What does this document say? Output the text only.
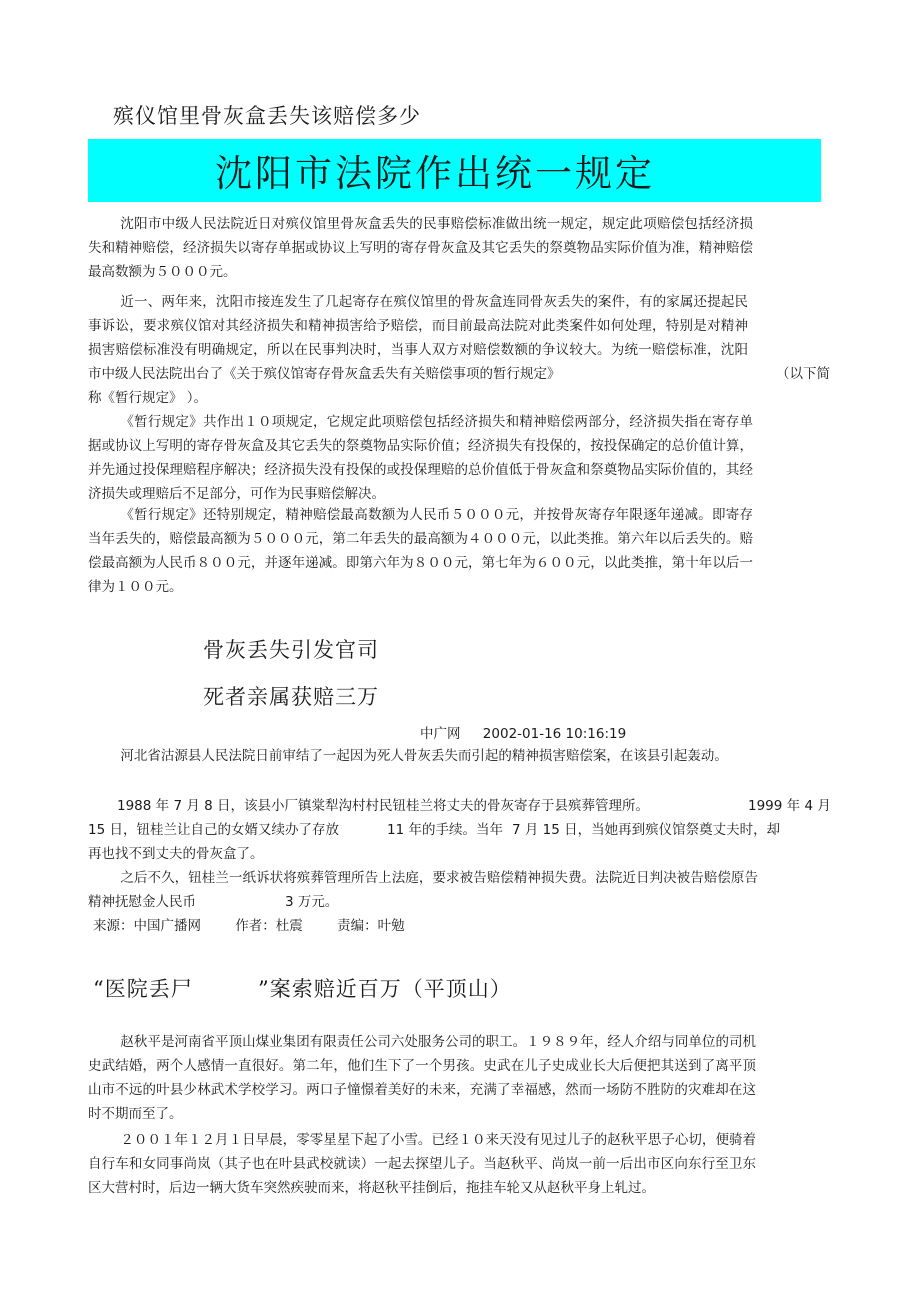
殡仪馆里骨灰盒丢失该赔偿多少
沈阳市法院作出统一规定
沈阳市中级人民法院近日对殡仪馆里骨灰盒丢失的民事赔偿标准做出统一规定，规定此项赔偿包括经济损失和精神赔偿，经济损失以寄存单据或协议上写明的寄存骨灰盒及其它丢失的祭奠物品实际价值为准，精神赔偿最高数额为５０００元。
近一、两年来，沈阳市接连发生了几起寄存在殡仪馆里的骨灰盒连同骨灰丢失的案件，有的家属还提起民事诉讼，要求殡仪馆对其经济损失和精神损害给予赔偿，而目前最高法院对此类案件如何处理，特别是对精神损害赔偿标准没有明确规定，所以在民事判决时，当事人双方对赔偿数额的争议较大。为统一赔偿标准，沈阳市中级人民法院出台了《关于殡仪馆寄存骨灰盒丢失有关赔偿事项的暂行规定》	（以下简
称《暂行规定》 ）。
《暂行规定》共作出１０项规定，它规定此项赔偿包括经济损失和精神赔偿两部分，经济损失指在寄存单据或协议上写明的寄存骨灰盒及其它丢失的祭奠物品实际价值；经济损失有投保的，按投保确定的总价值计算，并先通过投保理赔程序解决；经济损失没有投保的或投保理赔的总价值低于骨灰盒和祭奠物品实际价值的，其经济损失或理赔后不足部分，可作为民事赔偿解决。
《暂行规定》还特别规定，精神赔偿最高数额为人民币５０００元，并按骨灰寄存年限逐年递减。即寄存当年丢失的，赔偿最高额为５０００元，第二年丢失的最高额为４０００元，以此类推。第六年以后丢失的。赔偿最高额为人民币８００元，并逐年递减。即第六年为８００元，第七年为６００元，以此类推，第十年以后一律为１００元。
骨灰丢失引发官司
死者亲属获赔三万
中广网 2002-01-16 10:16:19
河北省沽源县人民法院日前审结了一起因为死人骨灰丢失而引起的精神损害赔偿案，在该县引起轰动。
1988 年 7 月 8 日，该县小厂镇棠犁沟村村民钮桂兰将丈夫的骨灰寄存于县殡葬管理所。	1999 年 4 月
15 日，钮桂兰让自己的女婿又续办了存放	11 年的手续。当年 7 月 15 日，当她再到殡仪馆祭奠丈夫时，却
再也找不到丈夫的骨灰盒了。
之后不久，钮桂兰一纸诉状将殡葬管理所告上法庭，要求被告赔偿精神损失费。法院近日判决被告赔偿原告精神抚慰金人民币	3 万元。
来源：中国广播网	作者：杜震	责编：叶勉
“医院丢尸	”案索赔近百万（平顶山）
赵秋平是河南省平顶山煤业集团有限责任公司六处服务公司的职工。１９８９年，经人介绍与同单位的司机史武结婚，两个人感情一直很好。第二年，他们生下了一个男孩。史武在儿子史成业长大后便把其送到了离平顶山市不远的叶县少林武术学校学习。两口子憧憬着美好的未来，充满了幸福感，然而一场防不胜防的灾难却在这时不期而至了。
２００１年１２月１日早晨，零零星星下起了小雪。已经１０来天没有见过儿子的赵秋平思子心切，便骑着自行车和女同事尚岚（其子也在叶县武校就读）一起去探望儿子。当赵秋平、尚岚一前一后出市区向东行至卫东区大营村时，后边一辆大货车突然疾驶而来，将赵秋平挂倒后，拖挂车轮又从赵秋平身上轧过。
